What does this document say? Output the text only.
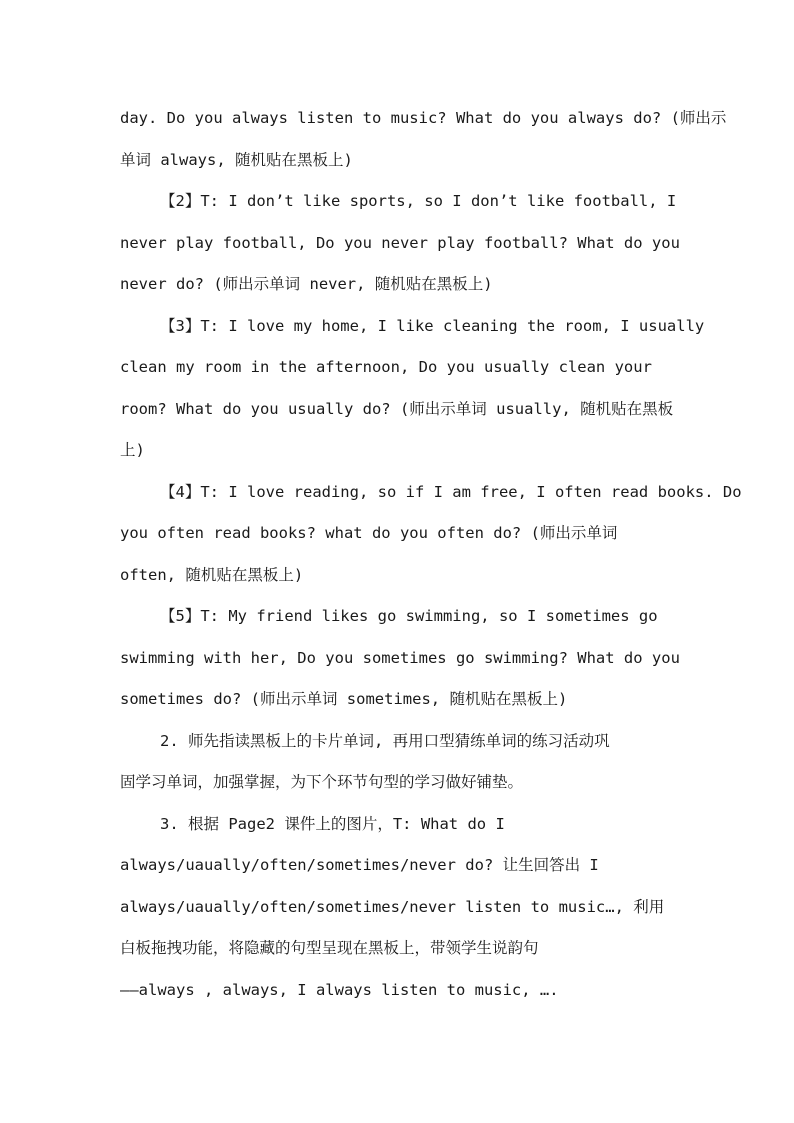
day. Do you always listen to music? What do you always do? (师出示
单词 always, 随机贴在黑板上)
【2】T: I don’t like sports, so I don’t like football, I
never play football, Do you never play football? What do you
never do? (师出示单词 never, 随机贴在黑板上)
【3】T: I love my home, I like cleaning the room, I usually
clean my room in the afternoon, Do you usually clean your
room? What do you usually do? (师出示单词 usually, 随机贴在黑板
上)
【4】T: I love reading, so if I am free, I often read books. Do
you often read books? what do you often do? (师出示单词
often, 随机贴在黑板上)
【5】T: My friend likes go swimming, so I sometimes go
swimming with her, Do you sometimes go swimming? What do you
sometimes do? (师出示单词 sometimes, 随机贴在黑板上)
2. 师先指读黑板上的卡片单词, 再用口型猜练单词的练习活动巩
固学习单词，加强掌握，为下个环节句型的学习做好铺垫。
3. 根据 Page2 课件上的图片，T: What do I
always/uaually/often/sometimes/never do? 让生回答出 I
always/uaually/often/sometimes/never listen to music…, 利用
白板拖拽功能，将隐藏的句型呈现在黑板上，带领学生说韵句
——always , always, I always listen to music, ….
